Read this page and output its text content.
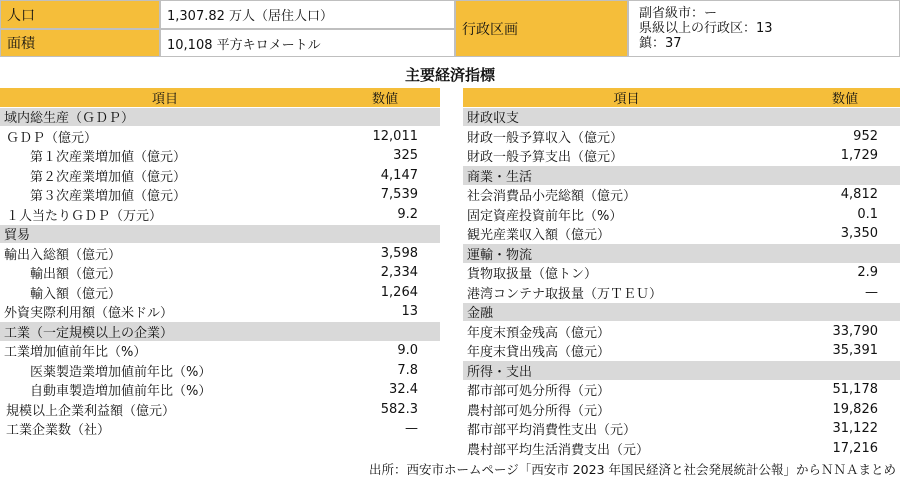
人口	1,307.82 万人（居住人口）
面積	10,108 平方キロメートル
行政区画
副省級市：ー
県級以上の行政区：13
鎮：37
主要経済指標
項目	数値
域内総生産（ＧＤＰ）
ＧＤＰ（億元）	12,011
第１次産業増加値（億元）	325
第２次産業増加値（億元）	4,147
第３次産業増加値（億元）	7,539
１人当たりＧＤＰ（万元）	9.2
貿易
輸出入総額（億元）	3,598
輸出額（億元）	2,334
輸入額（億元）	1,264
外資実際利用額（億米ドル）	13
工業（一定規模以上の企業）
工業増加値前年比（%）	9.0
医薬製造業増加値前年比（%）	7.8
自動車製造増加値前年比（%）	32.4
規模以上企業利益額（億元）	582.3
工業企業数（社）	—
項目	数値
財政収支
財政一般予算収入（億元）	952
財政一般予算支出（億元）	1,729
商業・生活
社会消費品小売総額（億元）	4,812
固定資産投資前年比（%）	0.1
観光産業収入額（億元）	3,350
運輸・物流
貨物取扱量（億トン）	2.9
港湾コンテナ取扱量（万ＴＥＵ）	—
金融
年度末預金残高（億元）	33,790
年度末貸出残高（億元）	35,391
所得・支出
都市部可処分所得（元）	51,178
農村部可処分所得（元）	19,826
都市部平均消費性支出（元）	31,122
農村部平均生活消費支出（元）	17,216
出所：西安市ホームページ「西安市 2023 年国民経済と社会発展統計公報」からＮＮＡまとめ
